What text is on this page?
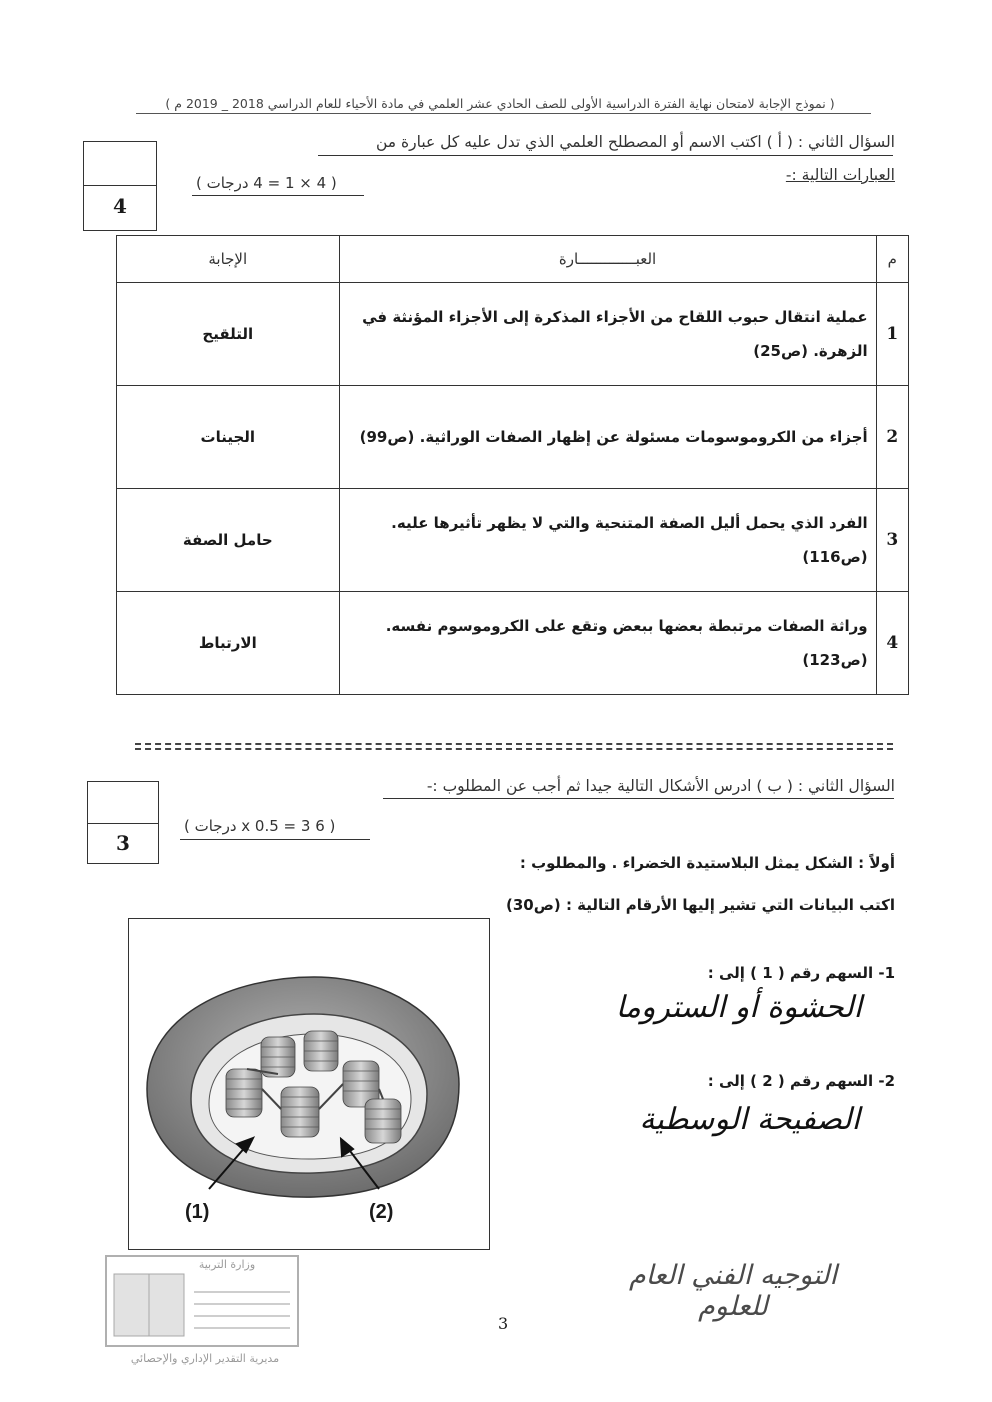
( نموذج الإجابة لامتحان نهاية الفترة الدراسية الأولى للصف الحادي عشر العلمي في مادة الأحياء للعام الدراسي 2018 _ 2019 م )
4
السؤال الثاني : ( أ ) اكتب الاسم أو المصطلح العلمي الذي تدل عليه كل عبارة من
العبارات التالية :-
( 4 × 1 = 4 درجات )
م	العبـــــــــــــارة	الإجابة
1	عملية انتقال حبوب اللقاح من الأجزاء المذكرة إلى الأجزاء المؤنثة في الزهرة. (ص25)	التلقيح
2	أجزاء من الكروموسومات مسئولة عن إظهار الصفات الوراثية. (ص99)	الجينات
3	الفرد الذي يحمل أليل الصفة المتنحية والتي لا يظهر تأثيرها عليه. (ص116)	حامل الصفة
4	وراثة الصفات مرتبطة بعضها ببعض وتقع على الكروموسوم نفسه. (ص123)	الارتباط
3
السؤال الثاني : ( ب ) ادرس الأشكال التالية جيدا ثم أجب عن المطلوب :-
( 6 x 0.5 = 3 درجات )
أولاً : الشكل يمثل البلاستيدة الخضراء . والمطلوب :
اكتب البيانات التي تشير إليها الأرقام التالية : (ص30)
1- السهم رقم ( 1 ) إلى :
الحشوة أو الستروما
2- السهم رقم ( 2 ) إلى :
الصفيحة الوسطية
(1)	(2)
وزارة التربية
مديرية التقدير الإداري والإحصائي
التوجيه الفني العام للعلوم
3
